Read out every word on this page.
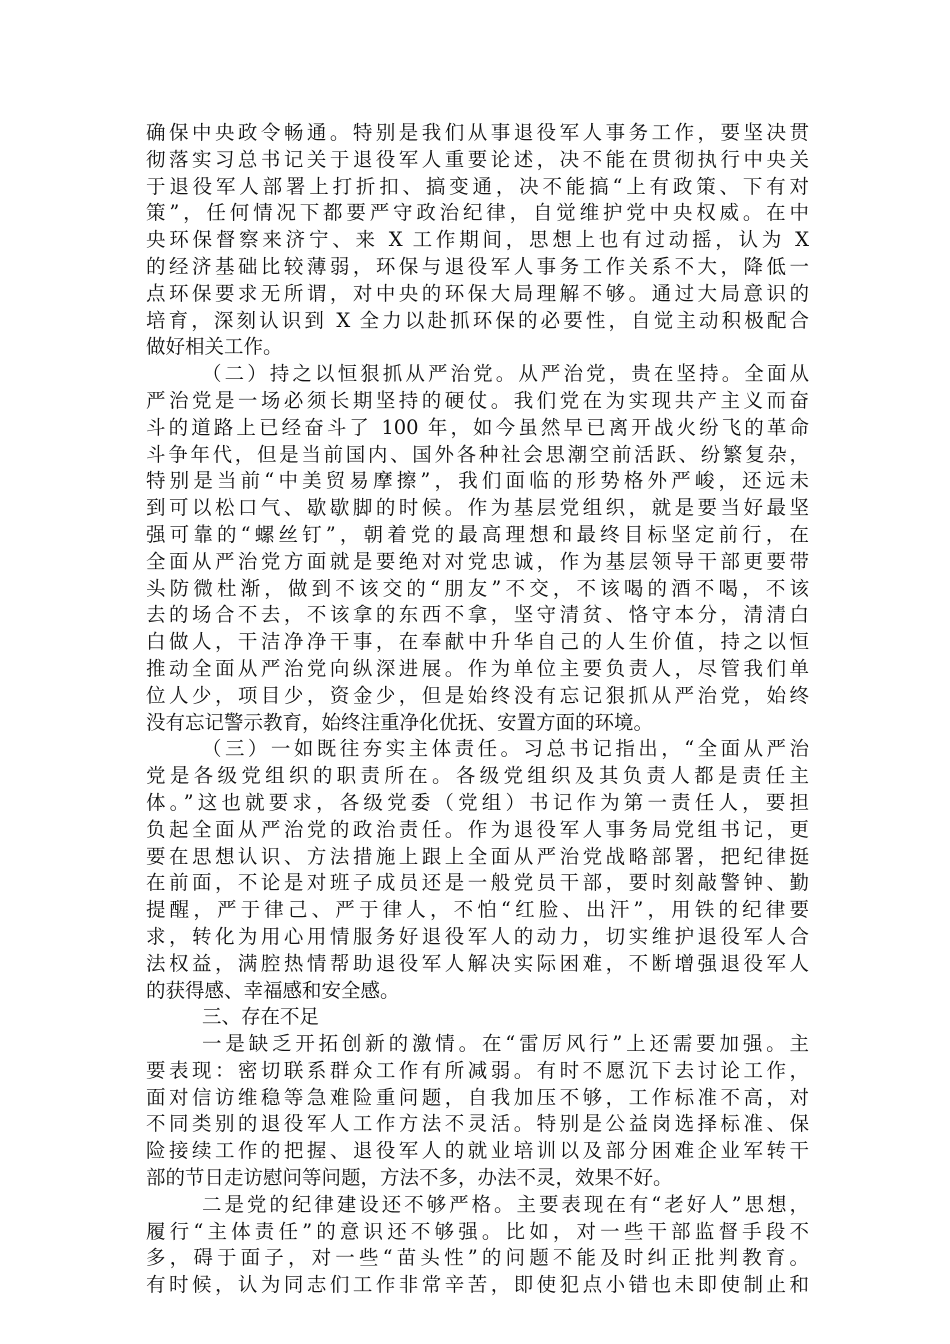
确保中央政令畅通。特别是我们从事退役军人事务工作，要坚决贯
彻落实习总书记关于退役军人重要论述，决不能在贯彻执行中央关
于退役军人部署上打折扣、搞变通，决不能搞“上有政策、下有对
策”，任何情况下都要严守政治纪律，自觉维护党中央权威。在中
央环保督察来济宁、来 X 工作期间，思想上也有过动摇，认为 X
的经济基础比较薄弱，环保与退役军人事务工作关系不大，降低一
点环保要求无所谓，对中央的环保大局理解不够。通过大局意识的
培育，深刻认识到 X 全力以赴抓环保的必要性，自觉主动积极配合
做好相关工作。
（二）持之以恒狠抓从严治党。从严治党，贵在坚持。全面从
严治党是一场必须长期坚持的硬仗。我们党在为实现共产主义而奋
斗的道路上已经奋斗了 100 年，如今虽然早已离开战火纷飞的革命
斗争年代，但是当前国内、国外各种社会思潮空前活跃、纷繁复杂，
特别是当前“中美贸易摩擦”，我们面临的形势格外严峻，还远未
到可以松口气、歇歇脚的时候。作为基层党组织，就是要当好最坚
强可靠的“螺丝钉”，朝着党的最高理想和最终目标坚定前行，在
全面从严治党方面就是要绝对对党忠诚，作为基层领导干部更要带
头防微杜渐，做到不该交的“朋友”不交，不该喝的酒不喝，不该
去的场合不去，不该拿的东西不拿，坚守清贫、恪守本分，清清白
白做人，干洁净净干事，在奉献中升华自己的人生价值，持之以恒
推动全面从严治党向纵深进展。作为单位主要负责人，尽管我们单
位人少，项目少，资金少，但是始终没有忘记狠抓从严治党，始终
没有忘记警示教育，始终注重净化优抚、安置方面的环境。
（三）一如既往夯实主体责任。习总书记指出，“全面从严治
党是各级党组织的职责所在。各级党组织及其负责人都是责任主
体。”这也就要求，各级党委（党组）书记作为第一责任人，要担
负起全面从严治党的政治责任。作为退役军人事务局党组书记，更
要在思想认识、方法措施上跟上全面从严治党战略部署，把纪律挺
在前面，不论是对班子成员还是一般党员干部，要时刻敲警钟、勤
提醒，严于律己、严于律人，不怕“红脸、出汗”，用铁的纪律要
求，转化为用心用情服务好退役军人的动力，切实维护退役军人合
法权益，满腔热情帮助退役军人解决实际困难，不断增强退役军人
的获得感、幸福感和安全感。
三、存在不足
一是缺乏开拓创新的激情。在“雷厉风行”上还需要加强。主
要表现：密切联系群众工作有所减弱。有时不愿沉下去讨论工作，
面对信访维稳等急难险重问题，自我加压不够，工作标准不高，对
不同类别的退役军人工作方法不灵活。特别是公益岗选择标准、保
险接续工作的把握、退役军人的就业培训以及部分困难企业军转干
部的节日走访慰问等问题，方法不多，办法不灵，效果不好。
二是党的纪律建设还不够严格。主要表现在有“老好人”思想，
履行“主体责任”的意识还不够强。比如，对一些干部监督手段不
多，碍于面子，对一些“苗头性”的问题不能及时纠正批判教育。
有时候，认为同志们工作非常辛苦，即使犯点小错也未即使制止和
